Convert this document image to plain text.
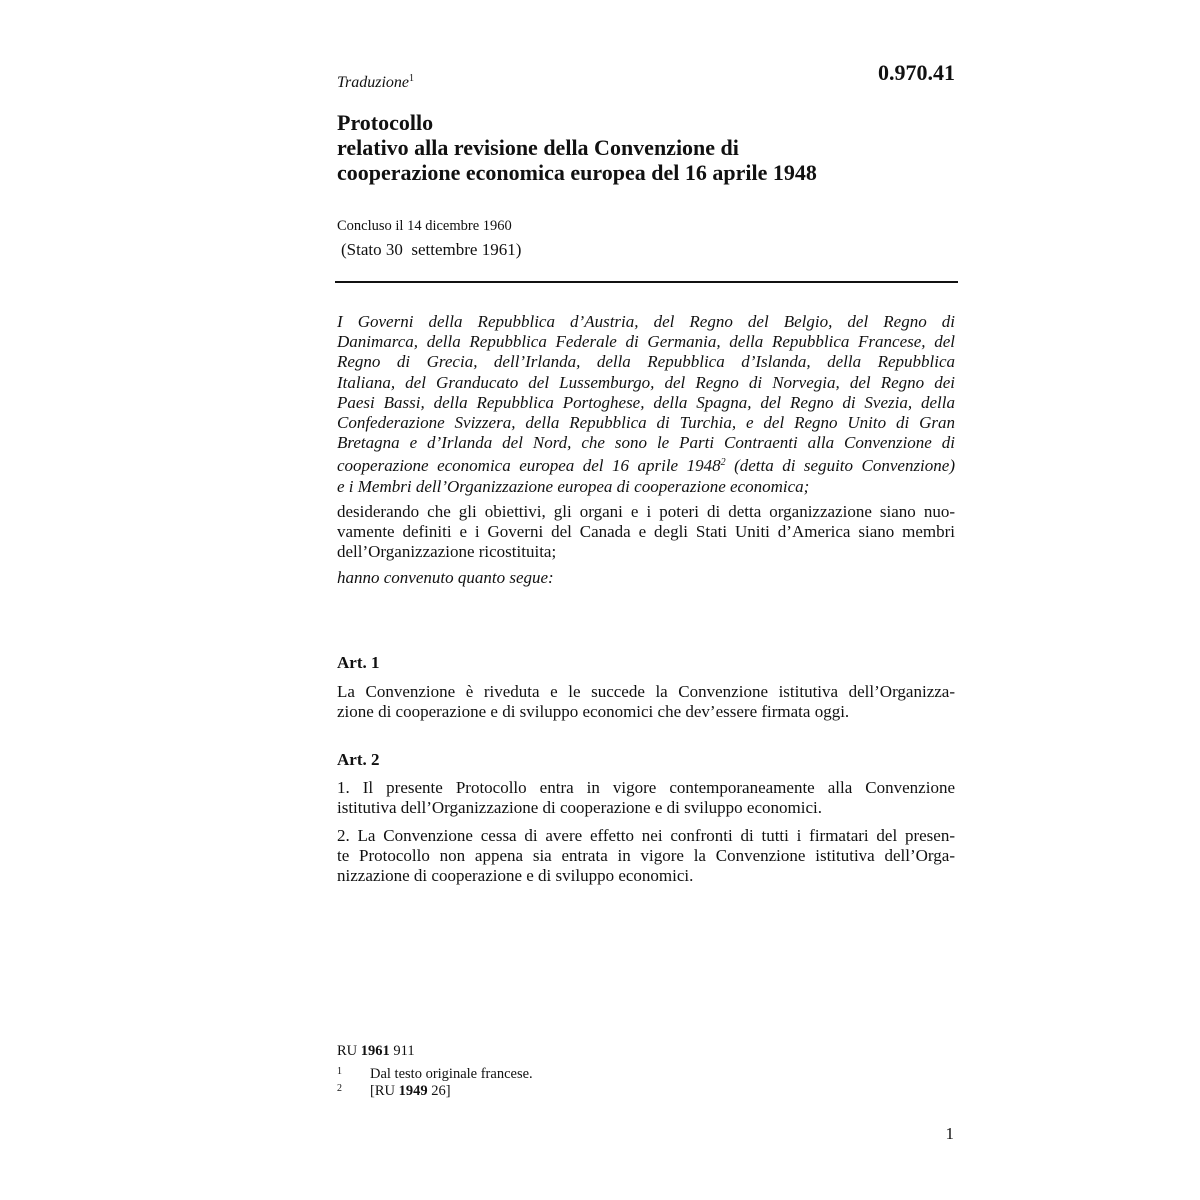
0.970.41
Traduzione$^1$
Protocollo
relativo alla revisione della Convenzione di
cooperazione economica europea del 16 aprile 1948
Concluso il 14 dicembre 1960
(Stato 30  settembre 1961)
I Governi della Repubblica d’Austria, del Regno del Belgio, del Regno di
Danimarca, della Repubblica Federale di Germania, della Repubblica Francese, del
Regno di Grecia, dell’Irlanda, della Repubblica d’Islanda, della Repubblica
Italiana, del Granducato del Lussemburgo, del Regno di Norvegia, del Regno dei
Paesi Bassi, della Repubblica Portoghese, della Spagna, del Regno di Svezia, della
Confederazione Svizzera, della Repubblica di Turchia, e del Regno Unito di Gran
Bretagna e d’Irlanda del Nord, che sono le Parti Contraenti alla Convenzione di
cooperazione economica europea del 16 aprile 1948$^2$ (detta di seguito Convenzione)
e i Membri dell’Organizzazione europea di cooperazione economica;
desiderando che gli obiettivi, gli organi e i poteri di detta organizzazione siano nuo-
vamente definiti e i Governi del Canada e degli Stati Uniti d’America siano membri
dell’Organizzazione ricostituita;
hanno convenuto quanto segue:
Art. 1
La Convenzione è riveduta e le succede la Convenzione istitutiva dell’Organizza-
zione di cooperazione e di sviluppo economici che dev’essere firmata oggi.
Art. 2
1. Il presente Protocollo entra in vigore contemporaneamente alla Convenzione
istitutiva dell’Organizzazione di cooperazione e di sviluppo economici.
2. La Convenzione cessa di avere effetto nei confronti di tutti i firmatari del presen-
te Protocollo non appena sia entrata in vigore la Convenzione istitutiva dell’Orga-
nizzazione di cooperazione e di sviluppo economici.
RU 1961 911
1 Dal testo originale francese.
2 [RU 1949 26]
1
